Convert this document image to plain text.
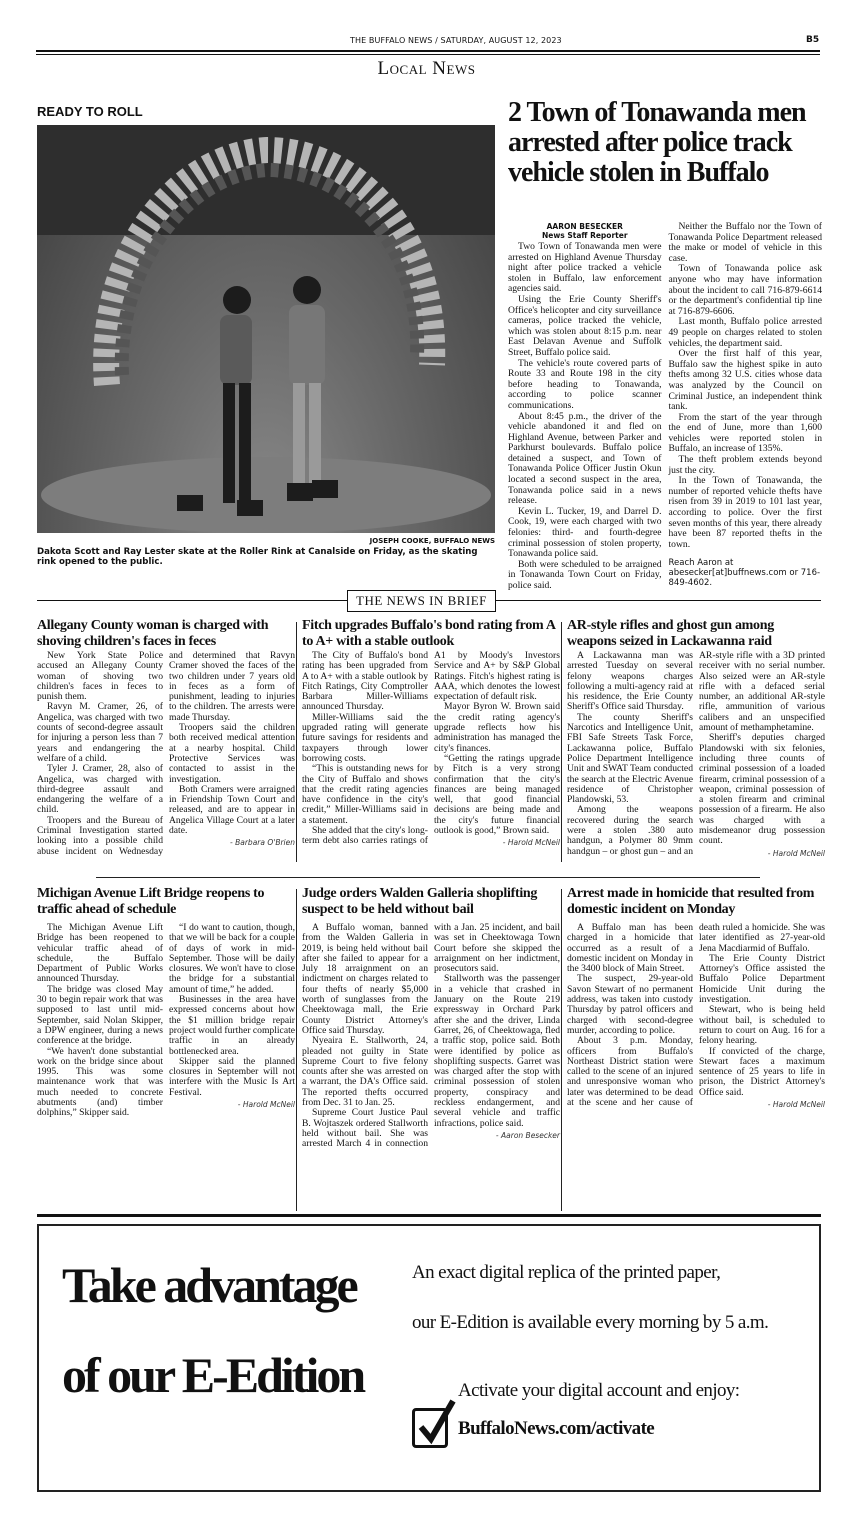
THE BUFFALO NEWS / SATURDAY, AUGUST 12, 2023	B5
Local News
READY TO ROLL
JOSEPH COOKE, BUFFALO NEWS
Dakota Scott and Ray Lester skate at the Roller Rink at Canalside on Friday, as the skating rink opened to the public.
2 Town of Tonawanda men arrested after police track vehicle stolen in Buffalo
AARON BESECKER
News Staff Reporter

Two Town of Tonawanda men were arrested on Highland Avenue Thursday night after police tracked a vehicle stolen in Buffalo, law enforcement agencies said.

Using the Erie County Sheriff's Office's helicopter and city surveillance cameras, police tracked the vehicle, which was stolen about 8:15 p.m. near East Delavan Avenue and Suffolk Street, Buffalo police said.

The vehicle's route covered parts of Route 33 and Route 198 in the city before heading to Tonawanda, according to police scanner communications.

About 8:45 p.m., the driver of the vehicle abandoned it and fled on Highland Avenue, between Parker and Parkhurst boulevards. Buffalo police detained a suspect, and Town of Tonawanda Police Officer Justin Okun located a second suspect in the area, Tonawanda police said in a news release.

Kevin L. Tucker, 19, and Darrel D. Cook, 19, were each charged with two felonies: third- and fourth-degree criminal possession of stolen property, Tonawanda police said.

Both were scheduled to be arraigned in Tonawanda Town Court on Friday, police said.

Neither the Buffalo nor the Town of Tonawanda Police Department released the make or model of vehicle in this case.

Town of Tonawanda police ask anyone who may have information about the incident to call 716-879-6614 or the department's confidential tip line at 716-879-6606.

Last month, Buffalo police arrested 49 people on charges related to stolen vehicles, the department said.

Over the first half of this year, Buffalo saw the highest spike in auto thefts among 32 U.S. cities whose data was analyzed by the Council on Criminal Justice, an independent think tank.

From the start of the year through the end of June, more than 1,600 vehicles were reported stolen in Buffalo, an increase of 135%.

The theft problem extends beyond just the city.

In the Town of Tonawanda, the number of reported vehicle thefts have risen from 39 in 2019 to 101 last year, according to police. Over the first seven months of this year, there already have been 87 reported thefts in the town.

Reach Aaron at abesecker[at]buffnews.com or 716-849-4602.

THE NEWS IN BRIEF
Allegany County woman is charged with shoving children's faces in feces

New York State Police accused an Allegany County woman of shoving two children's faces in feces to punish them.

Ravyn M. Cramer, 26, of Angelica, was charged with two counts of second-degree assault for injuring a person less than 7 years and endangering the welfare of a child.

Tyler J. Cramer, 28, also of Angelica, was charged with third-degree assault and endangering the welfare of a child.

Troopers and the Bureau of Criminal Investigation started looking into a possible child abuse incident on Wednesday and determined that Ravyn Cramer shoved the faces of the two children under 7 years old in feces as a form of punishment, leading to injuries to the children. The arrests were made Thursday.

Troopers said the children both received medical attention at a nearby hospital. Child Protective Services was contacted to assist in the investigation.

Both Cramers were arraigned in Friendship Town Court and released, and are to appear in Angelica Village Court at a later date.

- Barbara O'Brien
Fitch upgrades Buffalo's bond rating from A to A+ with a stable outlook

The City of Buffalo's bond rating has been upgraded from A to A+ with a stable outlook by Fitch Ratings, City Comptroller Barbara Miller-Williams announced Thursday.

Miller-Williams said the upgraded rating will generate future savings for residents and taxpayers through lower borrowing costs.

“This is outstanding news for the City of Buffalo and shows that the credit rating agencies have confidence in the city's credit,” Miller-Williams said in a statement.

She added that the city's long-term debt also carries ratings of A1 by Moody's Investors Service and A+ by S&P Global Ratings. Fitch's highest rating is AAA, which denotes the lowest expectation of default risk.

Mayor Byron W. Brown said the credit rating agency's upgrade reflects how his administration has managed the city's finances.

“Getting the ratings upgrade by Fitch is a very strong confirmation that the city's finances are being managed well, that good financial decisions are being made and the city's future financial outlook is good,” Brown said.

- Harold McNeil
AR-style rifles and ghost gun among weapons seized in Lackawanna raid

A Lackawanna man was arrested Tuesday on several felony weapons charges following a multi-agency raid at his residence, the Erie County Sheriff's Office said Thursday.

The county Sheriff's Narcotics and Intelligence Unit, FBI Safe Streets Task Force, Lackawanna police, Buffalo Police Department Intelligence Unit and SWAT Team conducted the search at the Electric Avenue residence of Christopher Plandowski, 53.

Among the weapons recovered during the search were a stolen .380 auto handgun, a Polymer 80 9mm handgun – or ghost gun – and an AR-style rifle with a 3D printed receiver with no serial number. Also seized were an AR-style rifle with a defaced serial number, an additional AR-style rifle, ammunition of various calibers and an unspecified amount of methamphetamine.

Sheriff's deputies charged Plandowski with six felonies, including three counts of criminal possession of a loaded firearm, criminal possession of a weapon, criminal possession of a stolen firearm and criminal possession of a firearm. He also was charged with a misdemeanor drug possession count.

- Harold McNeil
Michigan Avenue Lift Bridge reopens to traffic ahead of schedule

The Michigan Avenue Lift Bridge has been reopened to vehicular traffic ahead of schedule, the Buffalo Department of Public Works announced Thursday.

The bridge was closed May 30 to begin repair work that was supposed to last until mid-September, said Nolan Skipper, a DPW engineer, during a news conference at the bridge.

“We haven't done substantial work on the bridge since about 1995. This was some maintenance work that was much needed to concrete abutments (and) timber dolphins,” Skipper said.

“I do want to caution, though, that we will be back for a couple of days of work in mid-September. Those will be daily closures. We won't have to close the bridge for a substantial amount of time,” he added.

Businesses in the area have expressed concerns about how the $1 million bridge repair project would further complicate traffic in an already bottlenecked area.

Skipper said the planned closures in September will not interfere with the Music Is Art Festival.

- Harold McNeil
Judge orders Walden Galleria shoplifting suspect to be held without bail

A Buffalo woman, banned from the Walden Galleria in 2019, is being held without bail after she failed to appear for a July 18 arraignment on an indictment on charges related to four thefts of nearly $5,000 worth of sunglasses from the Cheektowaga mall, the Erie County District Attorney's Office said Thursday.

Nyeaira E. Stallworth, 24, pleaded not guilty in State Supreme Court to five felony counts after she was arrested on a warrant, the DA's Office said. The reported thefts occurred from Dec. 31 to Jan. 25.

Supreme Court Justice Paul B. Wojtaszek ordered Stallworth held without bail. She was arrested March 4 in connection with a Jan. 25 incident, and bail was set in Cheektowaga Town Court before she skipped the arraignment on her indictment, prosecutors said.

Stallworth was the passenger in a vehicle that crashed in January on the Route 219 expressway in Orchard Park after she and the driver, Linda Garret, 26, of Cheektowaga, fled a traffic stop, police said. Both were identified by police as shoplifting suspects. Garret was was charged after the stop with criminal possession of stolen property, conspiracy and reckless endangerment, and several vehicle and traffic infractions, police said.

- Aaron Besecker
Arrest made in homicide that resulted from domestic incident on Monday

A Buffalo man has been charged in a homicide that occurred as a result of a domestic incident on Monday in the 3400 block of Main Street.

The suspect, 29-year-old Savon Stewart of no permanent address, was taken into custody Thursday by patrol officers and charged with second-degree murder, according to police.

About 3 p.m. Monday, officers from Buffalo's Northeast District station were called to the scene of an injured and unresponsive woman who later was determined to be dead at the scene and her cause of death ruled a homicide. She was later identified as 27-year-old Jena Macdiarmid of Buffalo.

The Erie County District Attorney's Office assisted the Buffalo Police Department Homicide Unit during the investigation.

Stewart, who is being held without bail, is scheduled to return to court on Aug. 16 for a felony hearing.

If convicted of the charge, Stewart faces a maximum sentence of 25 years to life in prison, the District Attorney's Office said.

- Harold McNeil
Take advantage
of our E-Edition
An exact digital replica of the printed paper,
our E-Edition is available every morning by 5 a.m.
Activate your digital account and enjoy:
BuffaloNews.com/activate
